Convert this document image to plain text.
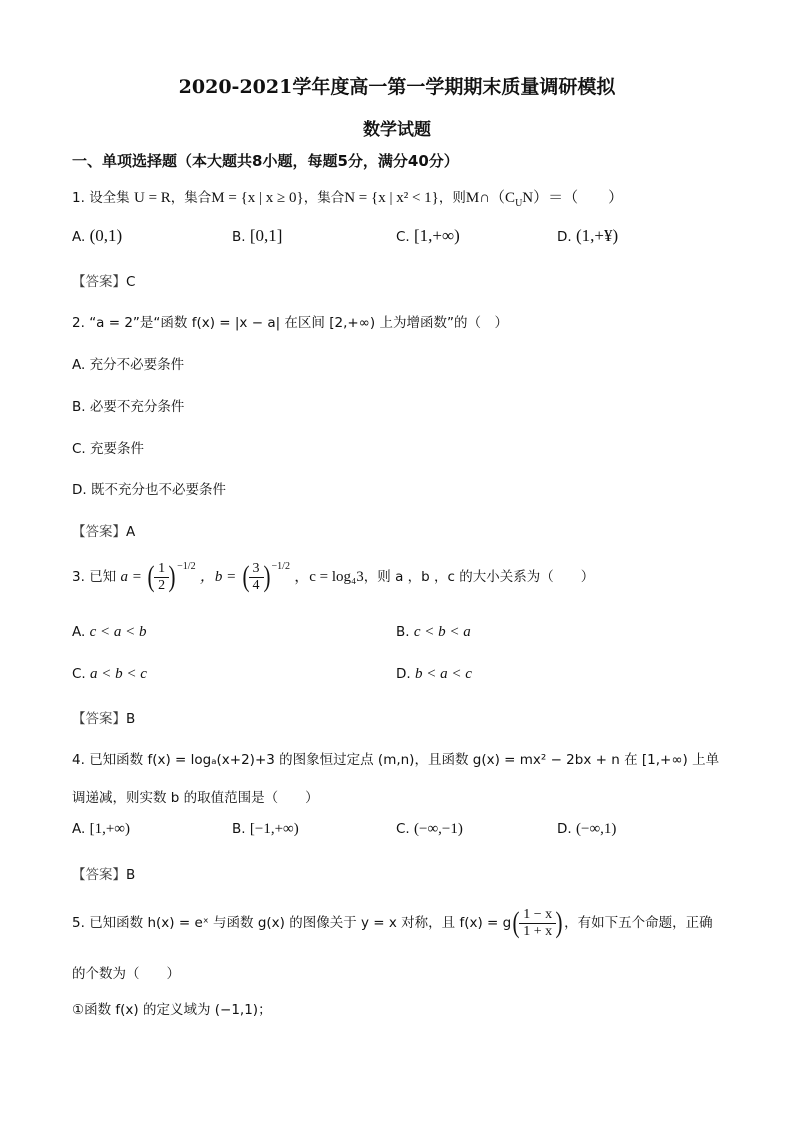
2020-2021学年度高一第一学期期末质量调研模拟
数学试题
一、单项选择题（本大题共8小题，每题5分，满分40分）
1. 设全集 U = R，集合M = {x | x ≥ 0}，集合N = {x | x² < 1}，则$M\cap(C_UN)=$（　　）
A. (0,1)	B. [0,1]	C. [1,+∞)	D. (1,+¥)
【答案】C
2. “a = 2”是“函数 f(x) = |x − a| 在区间 [2,+∞) 上为增函数”的（　）
A. 充分不必要条件
B. 必要不充分条件
C. 充要条件
D. 既不充分也不必要条件
【答案】A
3. 已知 a = ( $\frac{1}{2}$ ) $^{-1/2}$ ，b = ( $\frac{3}{4}$ ) $^{-1/2}$ ，c = log₄3，则 a ，b ，c 的大小关系为（　　）
A. c < a < b	B. c < b < a
C. a < b < c	D. b < a < c
【答案】B
4. 已知函数 f(x) = logₐ(x+2)+3 的图象恒过定点 (m,n)，且函数 g(x) = mx² − 2bx + n 在 [1,+∞) 上单
调递减，则实数 b 的取值范围是（　　）
A. [1,+∞)	B. [−1,+∞)	C. (−∞,−1)	D. (−∞,1)
【答案】B
5. 已知函数 h(x) = eˣ 与函数 g(x) 的图像关于 y = x 对称，且 $f(x) = g( \frac{1 - x}{1 + x}$ ) ，有如下五个命题，正确
的个数为（　　）
①函数 f(x) 的定义域为 (−1,1)；
